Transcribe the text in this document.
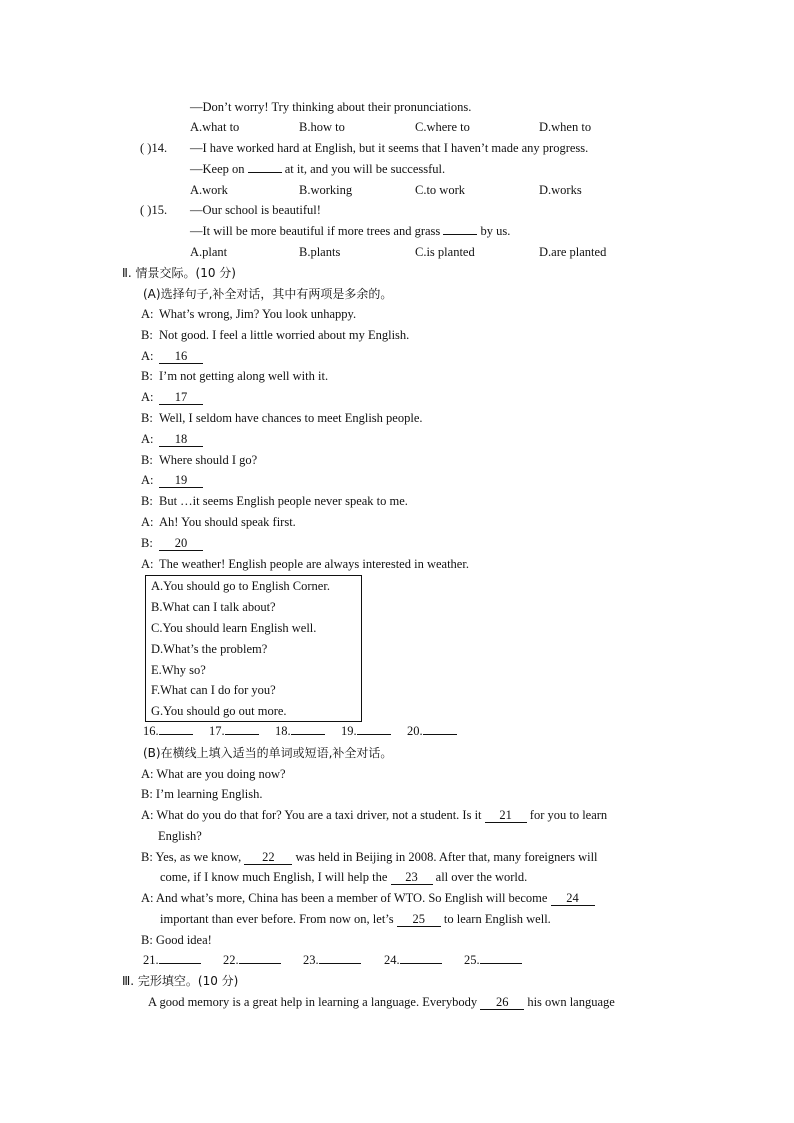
—Don’t worry! Try thinking about their pronunciations.
A.what to	B.how to	C.where to	D.when to
( )14. —I have worked hard at English, but it seems that I haven’t made any progress.
—Keep on	at it, and you will be successful.
A.work	B.working	C.to work	D.works
( )15. —Our school is beautiful!
—It will be more beautiful if more trees and grass	by us.
A.plant	B.plants	C.is planted	D.are planted
Ⅱ. 情景交际。(10 分)
(A)选择句子,补全对话，其中有两项是多余的。
A: What’s wrong, Jim? You look unhappy.
B: Not good. I feel a little worried about my English.
A: 16
B: I’m not getting along well with it.
A: 17
B: Well, I seldom have chances to meet English people.
A: 18
B: Where should I go?
A: 19
B: But …it seems English people never speak to me.
A: Ah! You should speak first.
B: 20
A: The weather! English people are always interested in weather.
A.You should go to English Corner.
B.What can I talk about?
C.You should learn English well.
D.What’s the problem?
E.Why so?
F.What can I do for you?
G.You should go out more.
16.	17.	18.	19.	20.
(B)在横线上填入适当的单词或短语,补全对话。
A: What are you doing now?
B: I’m learning English.
A: What do you do that for? You are a taxi driver, not a student. Is it 21 for you to learn
English?
B: Yes, as we know, 22 was held in Beijing in 2008. After that, many foreigners will
come, if I know much English, I will help the 23 all over the world.
A: And what’s more, China has been a member of WTO. So English will become 24
important than ever before. From now on, let’s 25 to learn English well.
B: Good idea!
21.	22.	23.	24.	25.
Ⅲ. 完形填空。(10 分)
A good memory is a great help in learning a language. Everybody 26 his own language
